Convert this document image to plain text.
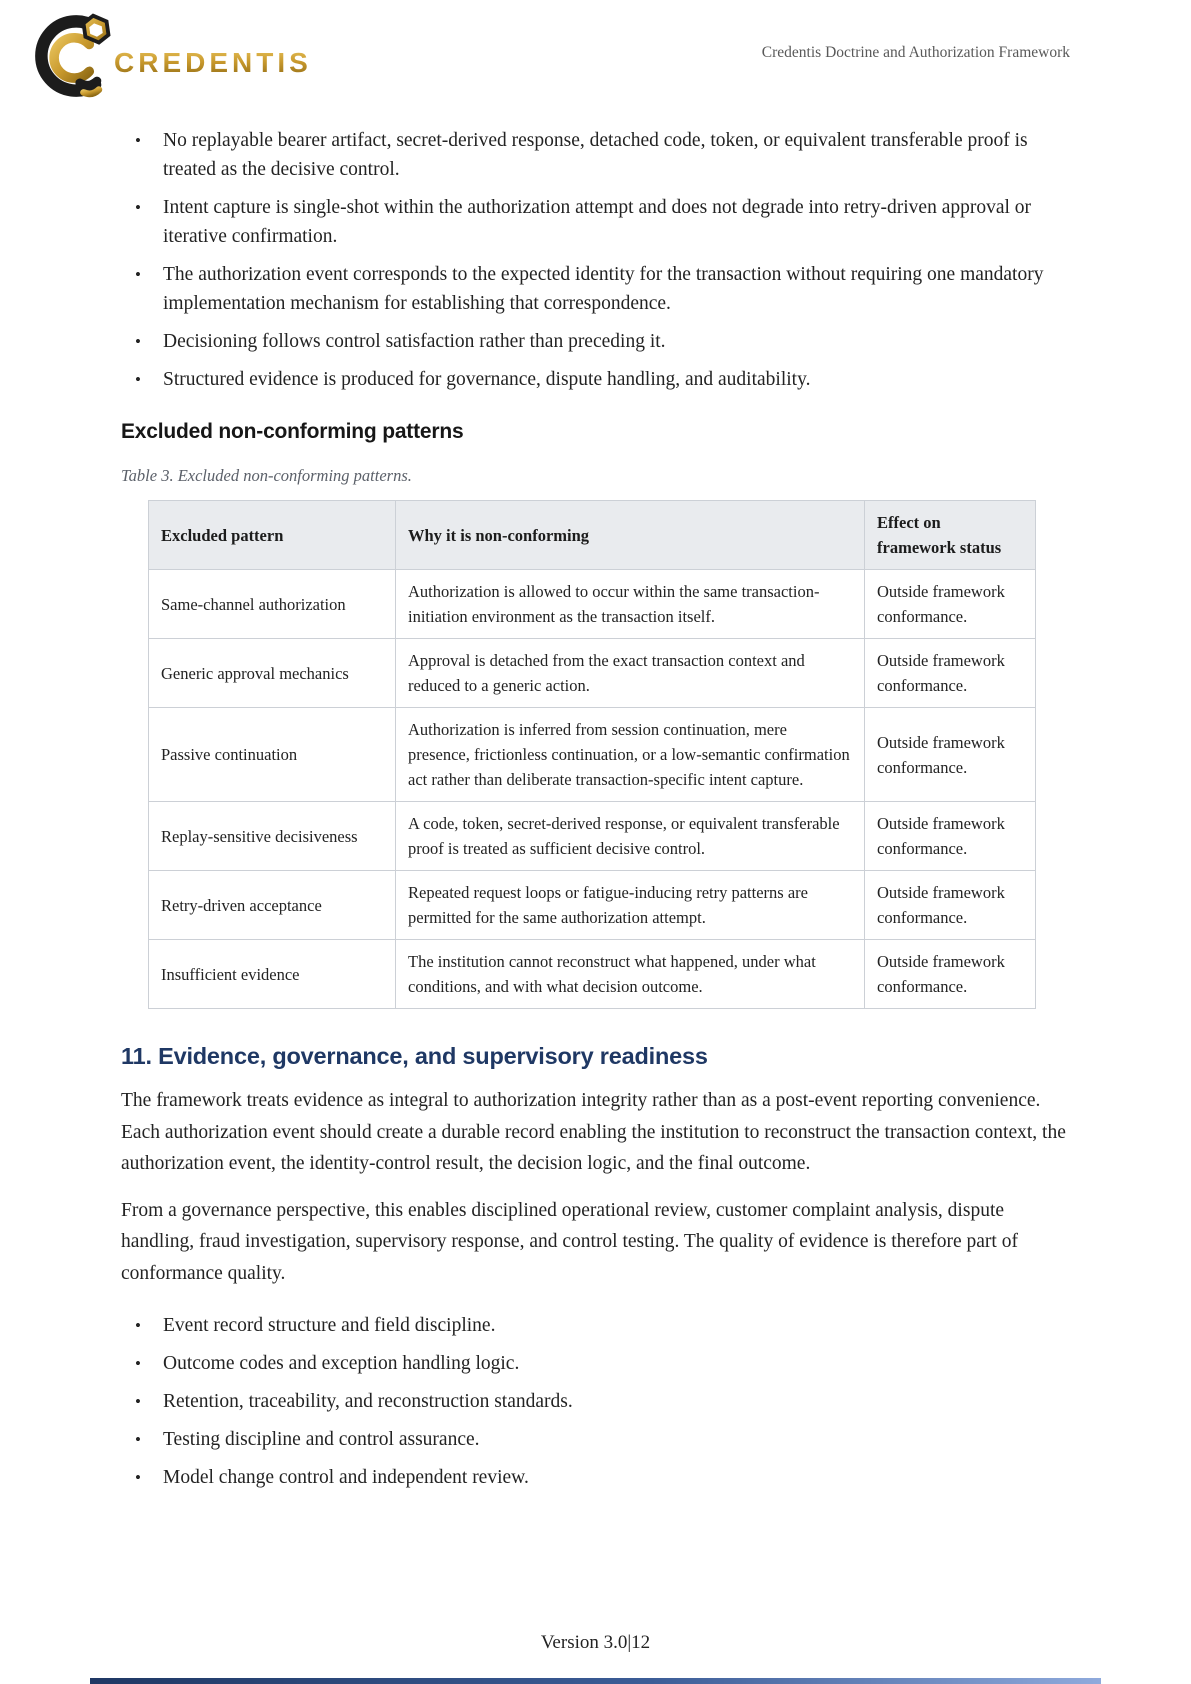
CREDENTIS	Credentis Doctrine and Authorization Framework
• No replayable bearer artifact, secret-derived response, detached code, token, or equivalent transferable proof is treated as the decisive control.
• Intent capture is single-shot within the authorization attempt and does not degrade into retry-driven approval or iterative confirmation.
• The authorization event corresponds to the expected identity for the transaction without requiring one mandatory implementation mechanism for establishing that correspondence.
• Decisioning follows control satisfaction rather than preceding it.
• Structured evidence is produced for governance, dispute handling, and auditability.
Excluded non-conforming patterns
Table 3. Excluded non-conforming patterns.
Excluded pattern	Why it is non-conforming	Effect on framework status
Same-channel authorization	Authorization is allowed to occur within the same transaction-initiation environment as the transaction itself.	Outside framework conformance.
Generic approval mechanics	Approval is detached from the exact transaction context and reduced to a generic action.	Outside framework conformance.
Passive continuation	Authorization is inferred from session continuation, mere presence, frictionless continuation, or a low-semantic confirmation act rather than deliberate transaction-specific intent capture.	Outside framework conformance.
Replay-sensitive decisiveness	A code, token, secret-derived response, or equivalent transferable proof is treated as sufficient decisive control.	Outside framework conformance.
Retry-driven acceptance	Repeated request loops or fatigue-inducing retry patterns are permitted for the same authorization attempt.	Outside framework conformance.
Insufficient evidence	The institution cannot reconstruct what happened, under what conditions, and with what decision outcome.	Outside framework conformance.
11. Evidence, governance, and supervisory readiness

The framework treats evidence as integral to authorization integrity rather than as a post-event reporting convenience. Each authorization event should create a durable record enabling the institution to reconstruct the transaction context, the authorization event, the identity-control result, the decision logic, and the final outcome.

From a governance perspective, this enables disciplined operational review, customer complaint analysis, dispute handling, fraud investigation, supervisory response, and control testing. The quality of evidence is therefore part of conformance quality.

• Event record structure and field discipline.
• Outcome codes and exception handling logic.
• Retention, traceability, and reconstruction standards.
• Testing discipline and control assurance.
• Model change control and independent review.
Version 3.0|12
